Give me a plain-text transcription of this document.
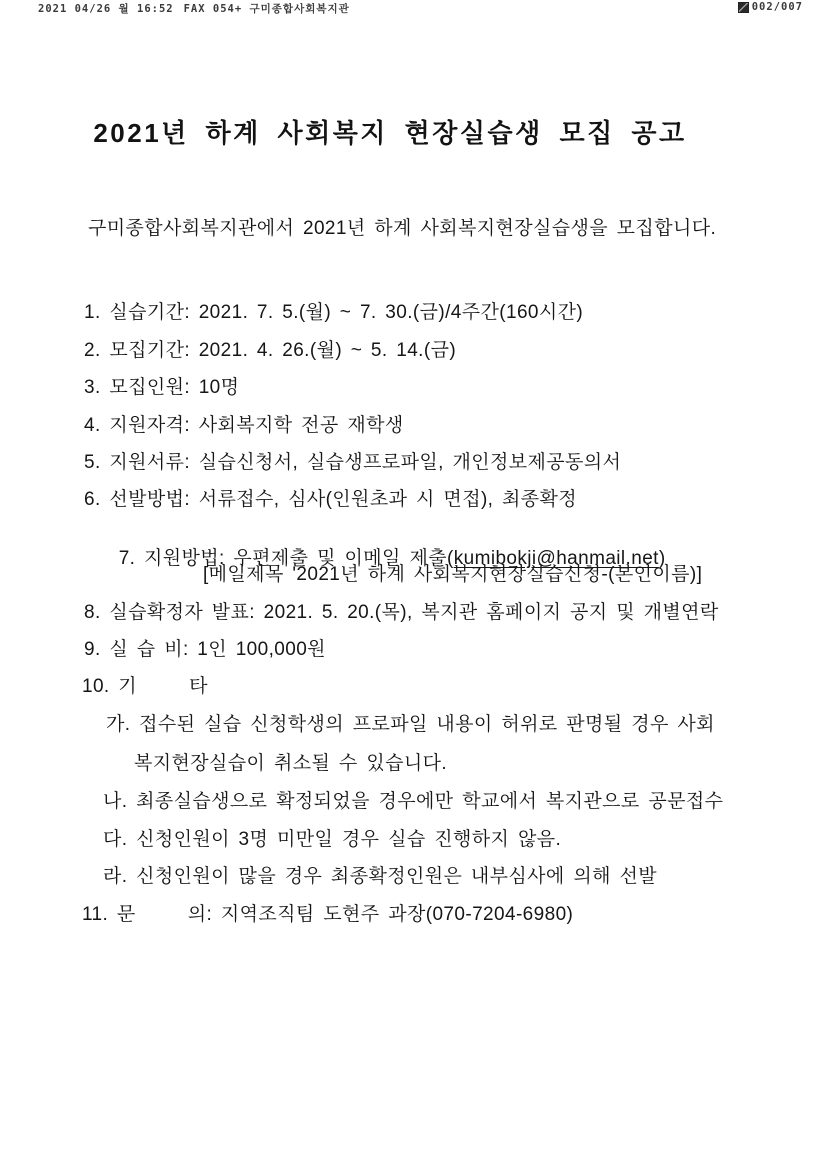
2021 04/26 월 16:52 FAX 054+ 구미종합사회복지관	002/007
2021년 하계 사회복지 현장실습생 모집 공고
구미종합사회복지관에서 2021년 하계 사회복지현장실습생을 모집합니다.
1. 실습기간: 2021. 7. 5.(월) ~ 7. 30.(금)/4주간(160시간)
2. 모집기간: 2021. 4. 26.(월) ~ 5. 14.(금)
3. 모집인원: 10명
4. 지원자격: 사회복지학 전공 재학생
5. 지원서류: 실습신청서, 실습생프로파일, 개인정보제공동의서
6. 선발방법: 서류접수, 심사(인원초과 시 면접), 최종확정

7. 지원방법: 우편제출 및 이메일 제출(kumibokji@hanmail.net)

[메일제목 '2021년 하계 사회복지현장실습신청-(본인이름)]
8. 실습확정자 발표: 2021. 5. 20.(목), 복지관 홈페이지 공지 및 개별연락
9. 실 습 비: 1인 100,000원
10. 기      타
가. 접수된 실습 신청학생의 프로파일 내용이 허위로 판명될 경우 사회
복지현장실습이 취소될 수 있습니다.
나. 최종실습생으로 확정되었을 경우에만 학교에서 복지관으로 공문접수
다. 신청인원이 3명 미만일 경우 실습 진행하지 않음.
라. 신청인원이 많을 경우 최종확정인원은 내부심사에 의해 선발
11. 문      의: 지역조직팀 도현주 과장(070-7204-6980)
